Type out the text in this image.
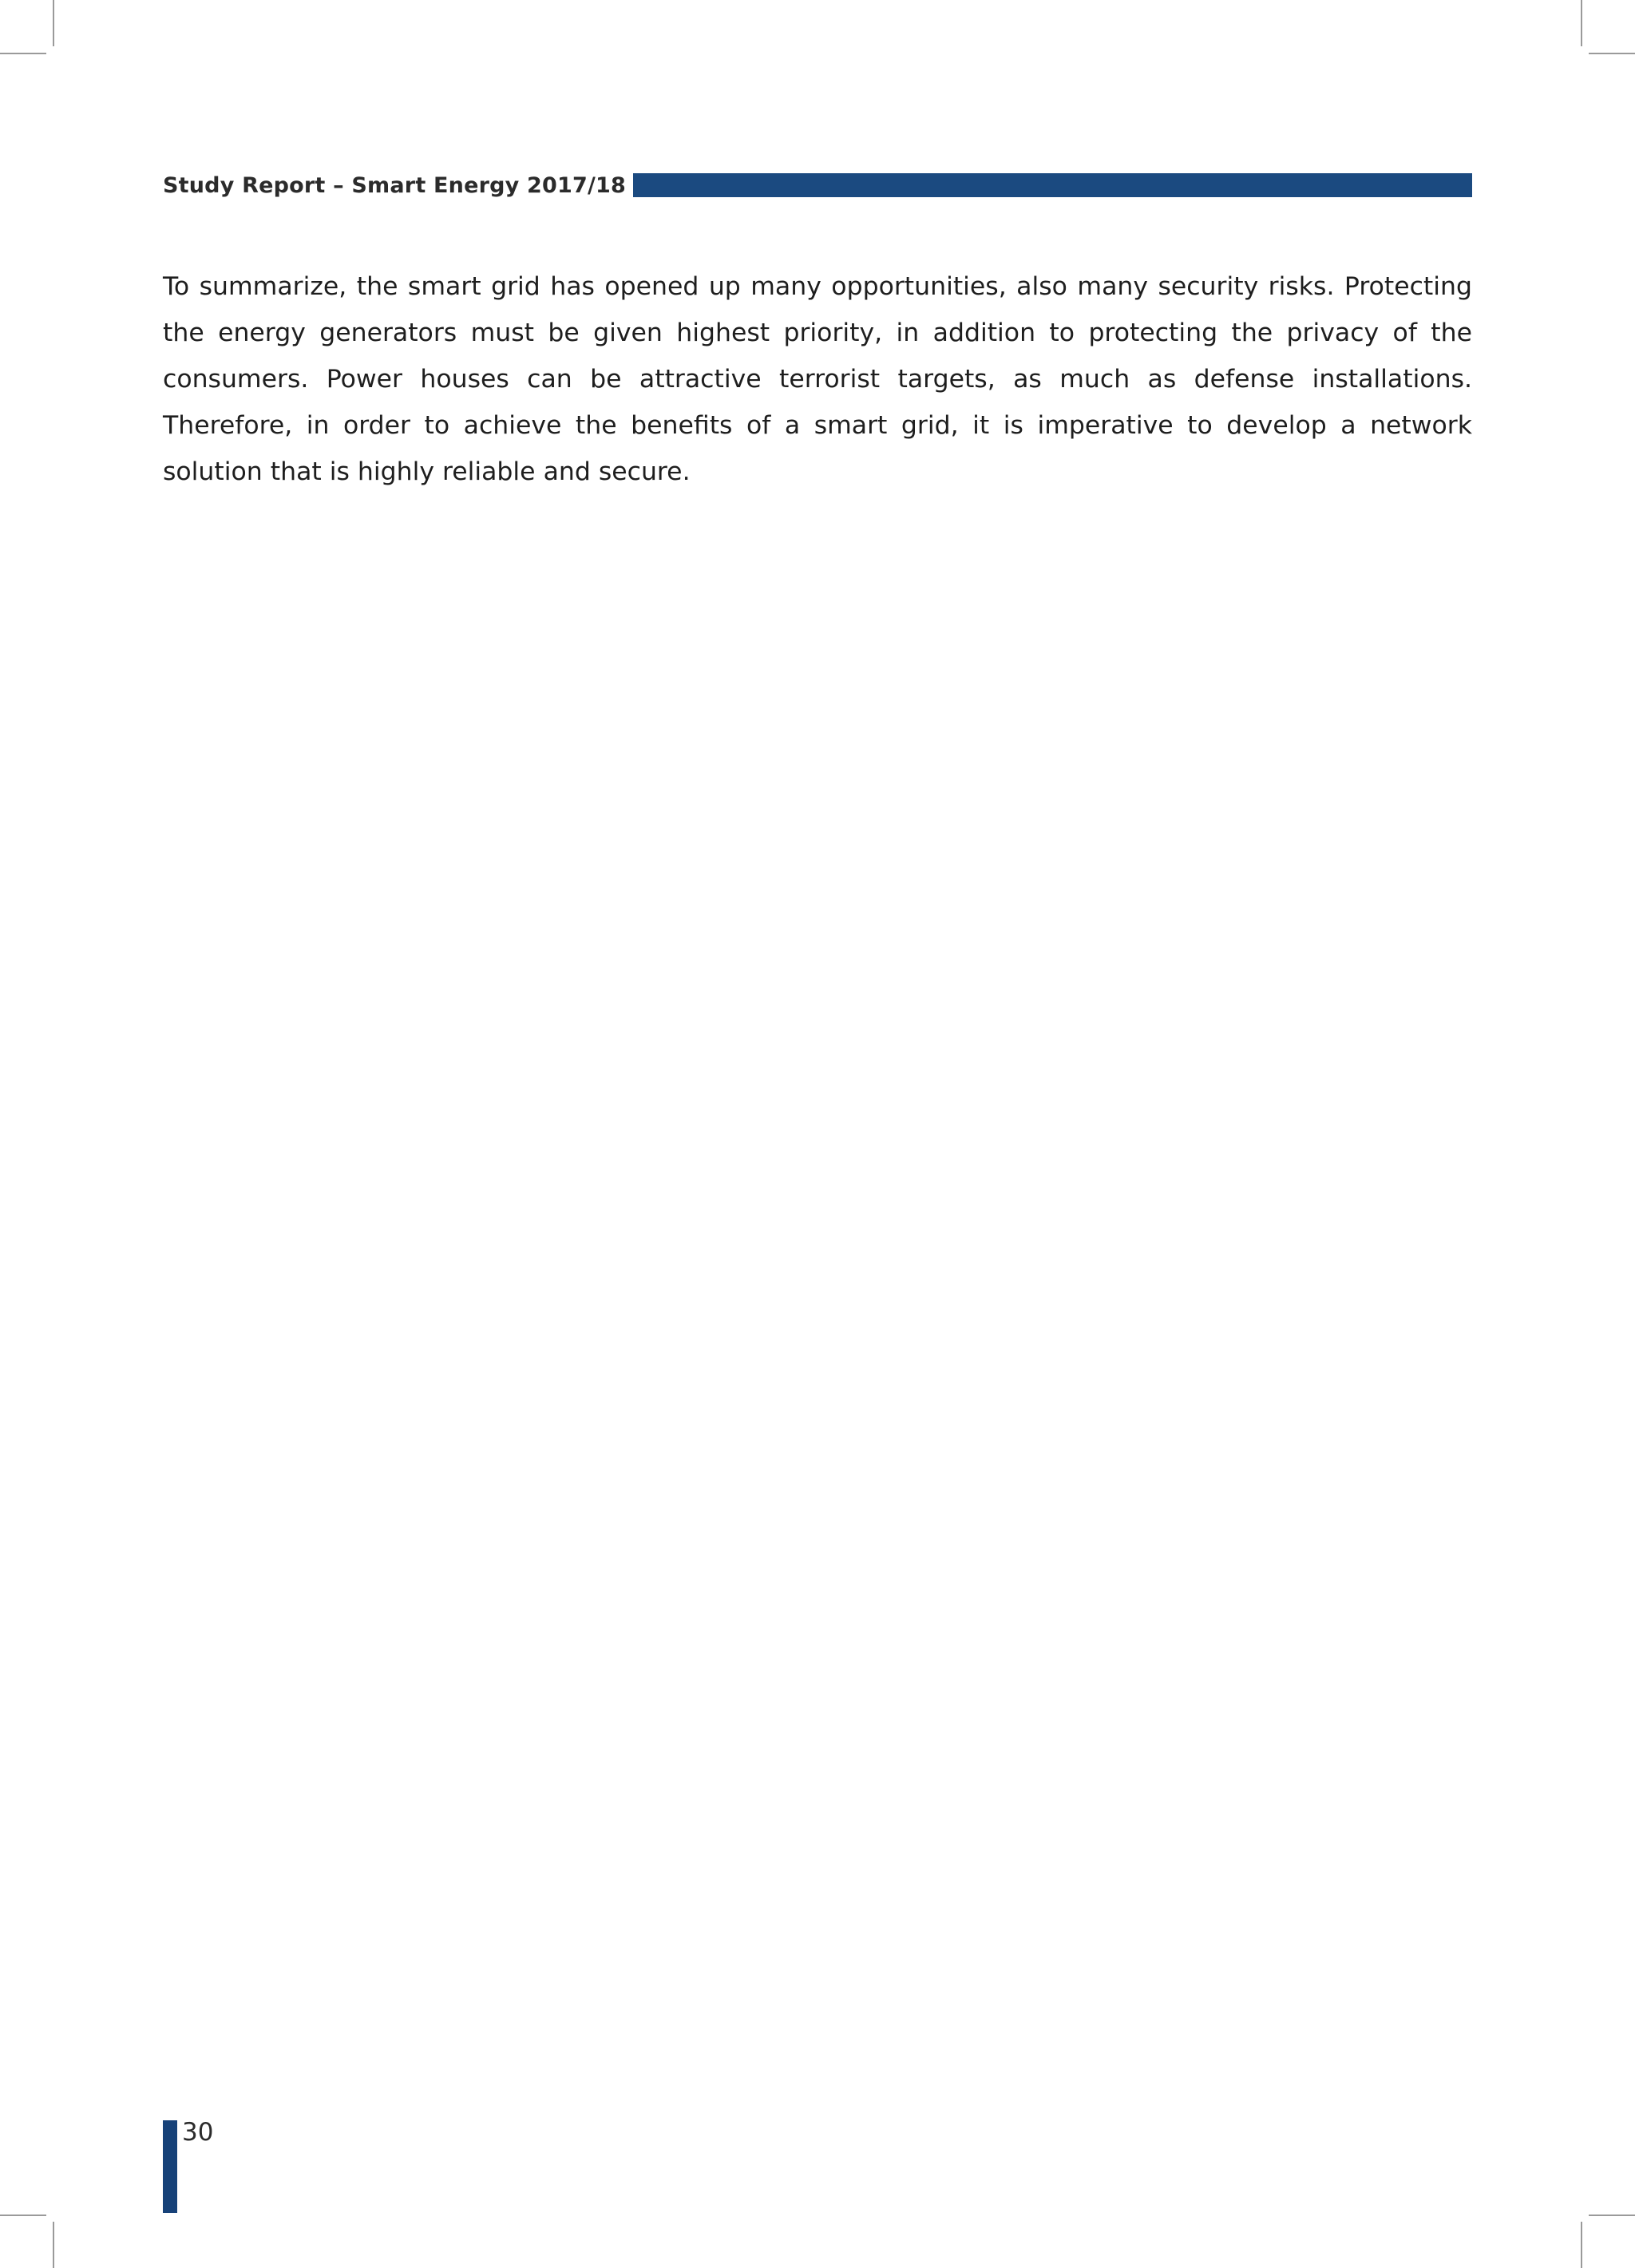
Study Report – Smart Energy 2017/18

To summarize, the smart grid has opened up many opportunities, also many security risks. Protecting the energy generators must be given highest priority, in addition to protecting the privacy of the consumers. Power houses can be attractive terrorist targets, as much as defense installations. Therefore, in order to achieve the benefits of a smart grid, it is imperative to develop a network solution that is highly reliable and secure.

30
